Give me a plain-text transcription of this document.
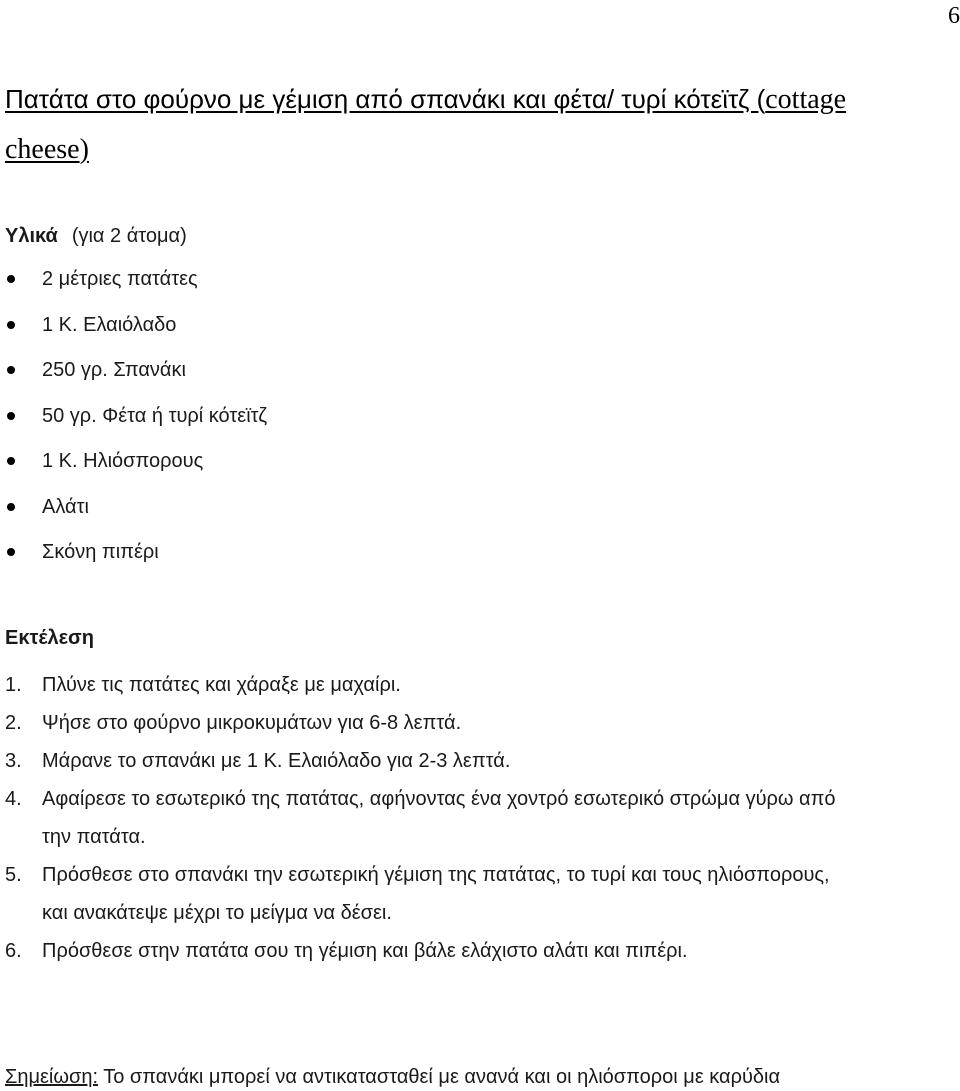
6
Πατάτα στο φούρνο με γέμιση από σπανάκι και φέτα/ τυρί κότεϊτζ (cottage
cheese)
Υλικά (για 2 άτομα)
2 μέτριες πατάτες
1 Κ. Ελαιόλαδο
250 γρ. Σπανάκι
50 γρ. Φέτα ή τυρί κότεϊτζ
1 Κ. Ηλιόσπορους
Αλάτι
Σκόνη πιπέρι
Εκτέλεση
1. Πλύνε τις πατάτες και χάραξε με μαχαίρι.
2. Ψήσε στο φούρνο μικροκυμάτων για 6-8 λεπτά.
3. Μάρανε το σπανάκι με 1 Κ. Ελαιόλαδο για 2-3 λεπτά.
4. Αφαίρεσε το εσωτερικό της πατάτας, αφήνοντας ένα χοντρό εσωτερικό στρώμα γύρω από
την πατάτα.
5. Πρόσθεσε στο σπανάκι την εσωτερική γέμιση της πατάτας, το τυρί και τους ηλιόσπορους,
και ανακάτεψε μέχρι το μείγμα να δέσει.
6. Πρόσθεσε στην πατάτα σου τη γέμιση και βάλε ελάχιστο αλάτι και πιπέρι.
Σημείωση: Το σπανάκι μπορεί να αντικατασταθεί με ανανά και οι ηλιόσποροι με καρύδια
